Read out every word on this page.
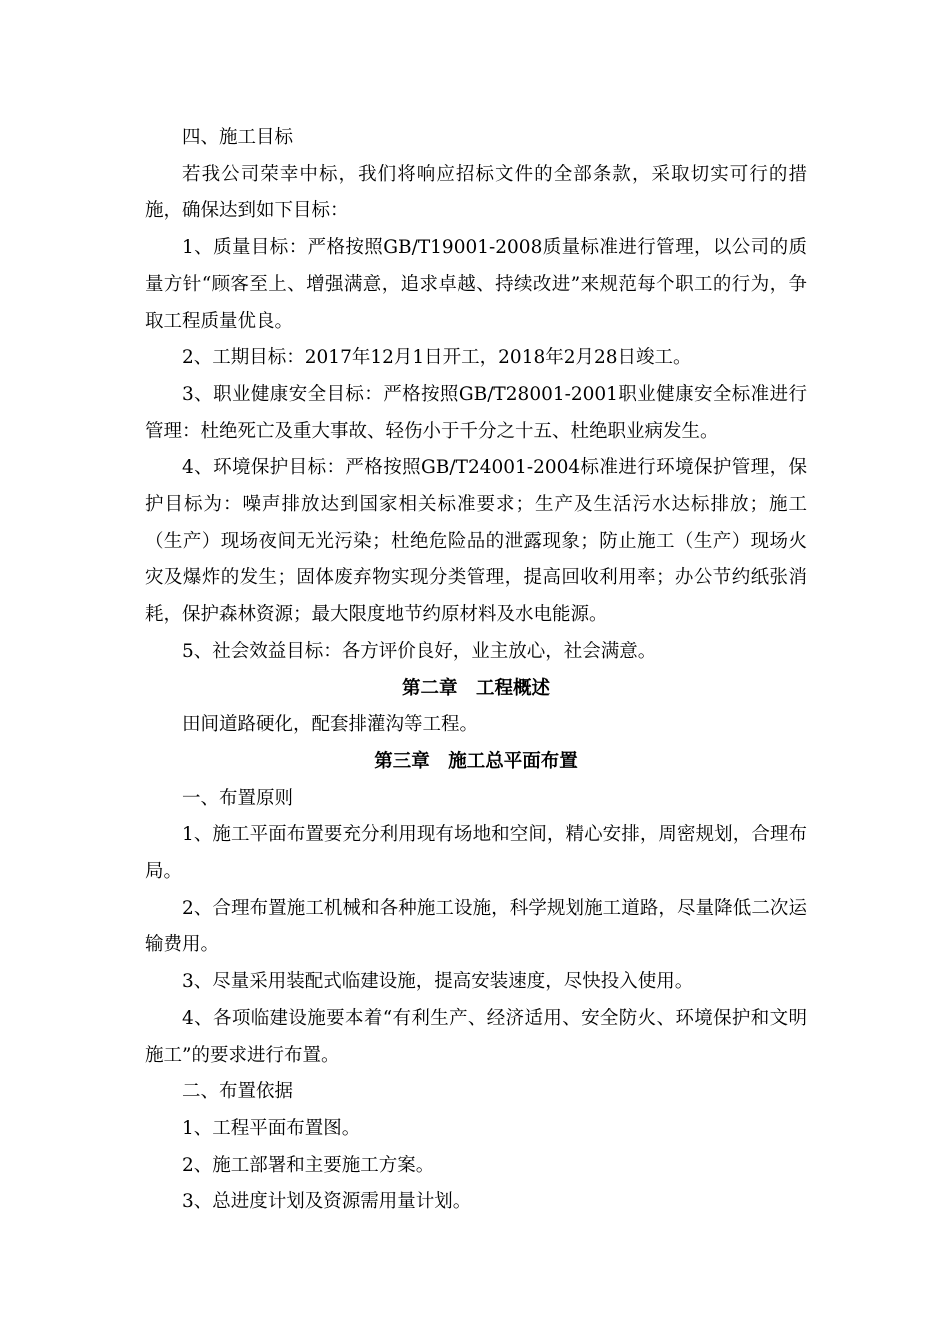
四、施工目标

若我公司荣幸中标，我们将响应招标文件的全部条款，采取切实可行的措施，确保达到如下目标：

1、质量目标：严格按照GB/T19001-2008质量标准进行管理，以公司的质量方针“顾客至上、增强满意，追求卓越、持续改进”来规范每个职工的行为，争取工程质量优良。

2、工期目标：2017年12月1日开工，2018年2月28日竣工。

3、职业健康安全目标：严格按照GB/T28001-2001职业健康安全标准进行管理：杜绝死亡及重大事故、轻伤小于千分之十五、杜绝职业病发生。

4、环境保护目标：严格按照GB/T24001-2004标准进行环境保护管理，保护目标为：噪声排放达到国家相关标准要求；生产及生活污水达标排放；施工（生产）现场夜间无光污染；杜绝危险品的泄露现象；防止施工（生产）现场火灾及爆炸的发生；固体废弃物实现分类管理，提高回收利用率；办公节约纸张消耗，保护森林资源；最大限度地节约原材料及水电能源。

5、社会效益目标：各方评价良好，业主放心，社会满意。

第二章　工程概述

田间道路硬化，配套排灌沟等工程。

第三章　施工总平面布置

一、布置原则

1、施工平面布置要充分利用现有场地和空间，精心安排，周密规划，合理布局。

2、合理布置施工机械和各种施工设施，科学规划施工道路，尽量降低二次运输费用。

3、尽量采用装配式临建设施，提高安装速度，尽快投入使用。

4、各项临建设施要本着“有利生产、经济适用、安全防火、环境保护和文明施工”的要求进行布置。

二、布置依据

1、工程平面布置图。

2、施工部署和主要施工方案。

3、总进度计划及资源需用量计划。
